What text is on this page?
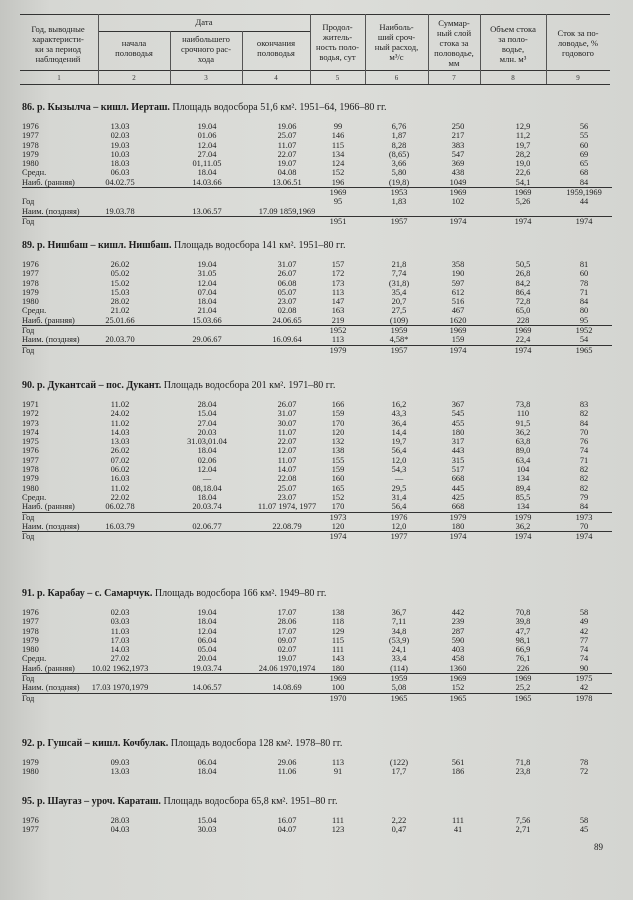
Год, выводные
характеристи-
ки за период
наблюдений
Дата
начала
половодья
наибольшего
срочного рас-
хода
окончания
половодья
Продол-
житель-
ность поло-
водья, сут
Наиболь-
ший сроч-
ный расход,
м³/с
Суммар-
ный слой
стока за
половодье,
мм
Объем стока
за поло-
водье,
млн. м³
Сток за по-
ловодье, %
годового
1	2	3	4	5	6	7	8	9
86. р. Кызылча – кишл. Иерташ. Площадь водосбора 51,6 км². 1951–64, 1966–80 гг.
1976	13.03	19.04	19.06	99	6,76	250	12,9	56
1977	02.03	01.06	25.07	146	1,87	217	11,2	55
1978	19.03	12.04	11.07	115	8,28	383	19,7	60
1979	10.03	27.04	22.07	134	(8,65)	547	28,2	69
1980	18.03	01,11.05	19.07	124	3,66	369	19,0	65
Средн.	06.03	18.04	04.08	152	5,80	438	22,6	68
Наиб. (ранняя)	04.02.75	14.03.66	13.06.51	196	(19,8)	1049	54,1	84
1969	1953	1969	1969	1959,1969
Год	95	1,83	102	5,26	44
Наим. (поздняя)	19.03.78	13.06.57	17.09 1859,1969
Год	1951	1957	1974	1974	1974
89. р. Нишбаш – кишл. Нишбаш. Площадь водосбора 141 км². 1951–80 гг.
1976	26.02	19.04	31.07	157	21,8	358	50,5	81
1977	05.02	31.05	26.07	172	7,74	190	26,8	60
1978	15.02	12.04	06.08	173	(31,8)	597	84,2	78
1979	15.03	07.04	05.07	113	35,4	612	86,4	71
1980	28.02	18.04	23.07	147	20,7	516	72,8	84
Средн.	21.02	21.04	02.08	163	27,5	467	65,0	80
Наиб. (ранняя)	25.01.66	15.03.66	24.06.65	219	(109)	1620	228	95
Год	1952	1959	1969	1969	1952
Наим. (поздняя)	20.03.70	29.06.67	16.09.64	113	4,58*	159	22,4	54
Год	1979	1957	1974	1974	1965
90. р. Дукантсай – пос. Дукант. Площадь водосбора 201 км². 1971–80 гг.
1971	11.02	28.04	26.07	166	16,2	367	73,8	83
1972	24.02	15.04	31.07	159	43,3	545	110	82
1973	11.02	27.04	30.07	170	36,4	455	91,5	84
1974	14.03	20.03	11.07	120	14,4	180	36,2	70
1975	13.03	31.03,01.04	22.07	132	19,7	317	63,8	76
1976	26.02	18.04	12.07	138	56,4	443	89,0	74
1977	07.02	02.06	11.07	155	12,0	315	63,4	71
1978	06.02	12.04	14.07	159	54,3	517	104	82
1979	16.03	—	22.08	160	—	668	134	82
1980	11.02	08,18.04	25.07	165	29,5	445	89,4	82
Средн.	22.02	18.04	23.07	152	31,4	425	85,5	79
Наиб. (ранняя)	06.02.78	20.03.74	11.07 1974, 1977	170	56,4	668	134	84
Год	1973	1976	1979	1979	1973
Наим. (поздняя)	16.03.79	02.06.77	22.08.79	120	12,0	180	36,2	70
Год	1974	1977	1974	1974	1974
91. р. Карабау – с. Самарчук. Площадь водосбора 166 км². 1949–80 гг.
1976	02.03	19.04	17.07	138	36,7	442	70,8	58
1977	03.03	18.04	28.06	118	7,11	239	39,8	49
1978	11.03	12.04	17.07	129	34,8	287	47,7	42
1979	17.03	06.04	09.07	115	(53,9)	590	98,1	77
1980	14.03	05.04	02.07	111	24,1	403	66,9	74
Средн.	27.02	20.04	19.07	143	33,4	458	76,1	74
Наиб. (ранняя) 10.02 1962,1973	19.03.74	24.06 1970,1974	180	(114)	1360	226	90
Год	1969	1959	1969	1969	1975
Наим. (поздняя) 17.03 1970,1979	14.06.57	14.08.69	100	5,08	152	25,2	42
Год	1970	1965	1965	1965	1978
92. р. Гушсай – кишл. Кочбулак. Площадь водосбора 128 км². 1978–80 гг.
1979	09.03	06.04	29.06	113	(122)	561	71,8	78
1980	13.03	18.04	11.06	91	17,7	186	23,8	72
95. р. Шаугаз – уроч. Караташ. Площадь водосбора 65,8 км². 1951–80 гг.
1976	28.03	15.04	16.07	111	2,22	111	7,56	58
1977	04.03	30.03	04.07	123	0,47	41	2,71	45
89
